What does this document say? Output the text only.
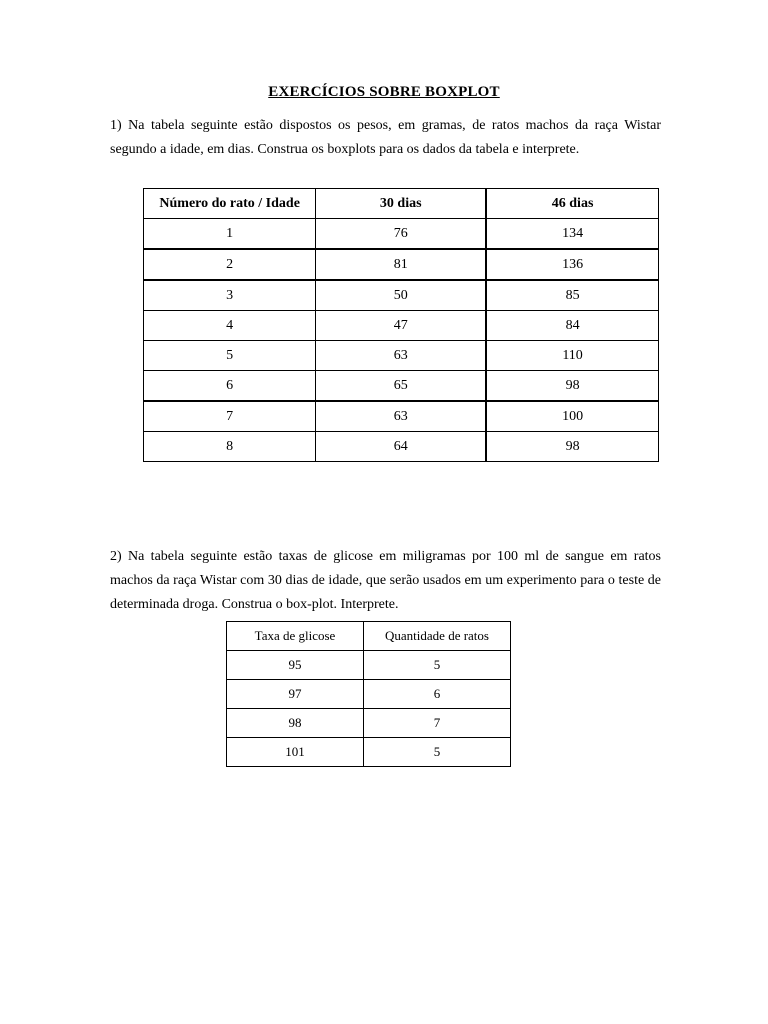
EXERCÍCIOS SOBRE BOXPLOT

1) Na tabela seguinte estão dispostos os pesos, em gramas, de ratos machos da raça Wistar segundo a idade, em dias. Construa os boxplots para os dados da tabela e interprete.

Número do rato / Idade	30 dias	46 dias
1	76	134
2	81	136
3	50	85
4	47	84
5	63	110
6	65	98
7	63	100
8	64	98

2) Na tabela seguinte estão taxas de glicose em miligramas por 100 ml de sangue em ratos machos da raça Wistar com 30 dias de idade, que serão usados em um experimento para o teste de determinada droga. Construa o box-plot. Interprete.

Taxa de glicose	Quantidade de ratos
95	5
97	6
98	7
101	5
